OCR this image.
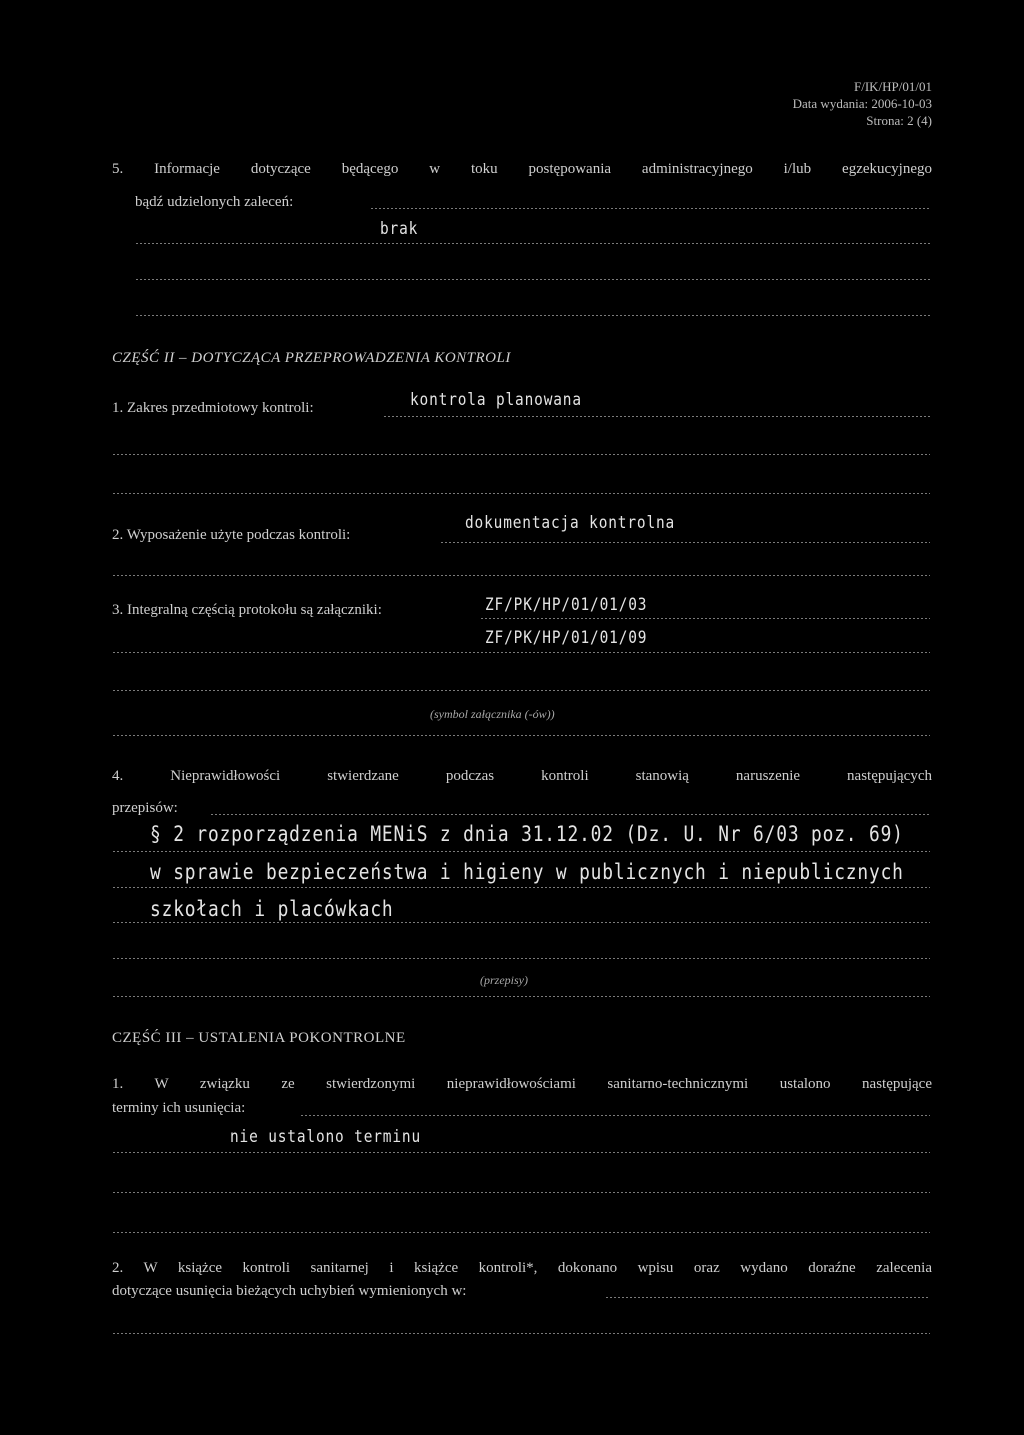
F/IK/HP/01/01
Data wydania: 2006-10-03
Strona: 2 (4)
5. Informacje dotyczące będącego w toku postępowania administracyjnego i/lub egzekucyjnego
bądź udzielonych zaleceń:
brak
CZĘŚĆ II – DOTYCZĄCA PRZEPROWADZENIA KONTROLI
1. Zakres przedmiotowy kontroli:	kontrola planowana
2. Wyposażenie użyte podczas kontroli:
dokumentacja kontrolna
3. Integralną częścią protokołu są załączniki:	ZF/PK/HP/01/01/03
ZF/PK/HP/01/01/09
(symbol załącznika (-ów))
4. Nieprawidłowości stwierdzane podczas kontroli stanowią naruszenie następujących
przepisów:
§ 2 rozporządzenia MENiS z dnia 31.12.02 (Dz. U. Nr 6/03 poz. 69)
w sprawie bezpieczeństwa i higieny w publicznych i niepublicznych
szkołach i placówkach
(przepisy)
CZĘŚĆ III – USTALENIA POKONTROLNE
1. W związku ze stwierdzonymi nieprawidłowościami sanitarno-technicznymi ustalono następujące
terminy ich usunięcia:
nie ustalono terminu
2. W książce kontroli sanitarnej i książce kontroli*, dokonano wpisu oraz wydano doraźne zalecenia
dotyczące usunięcia bieżących uchybień wymienionych w:
